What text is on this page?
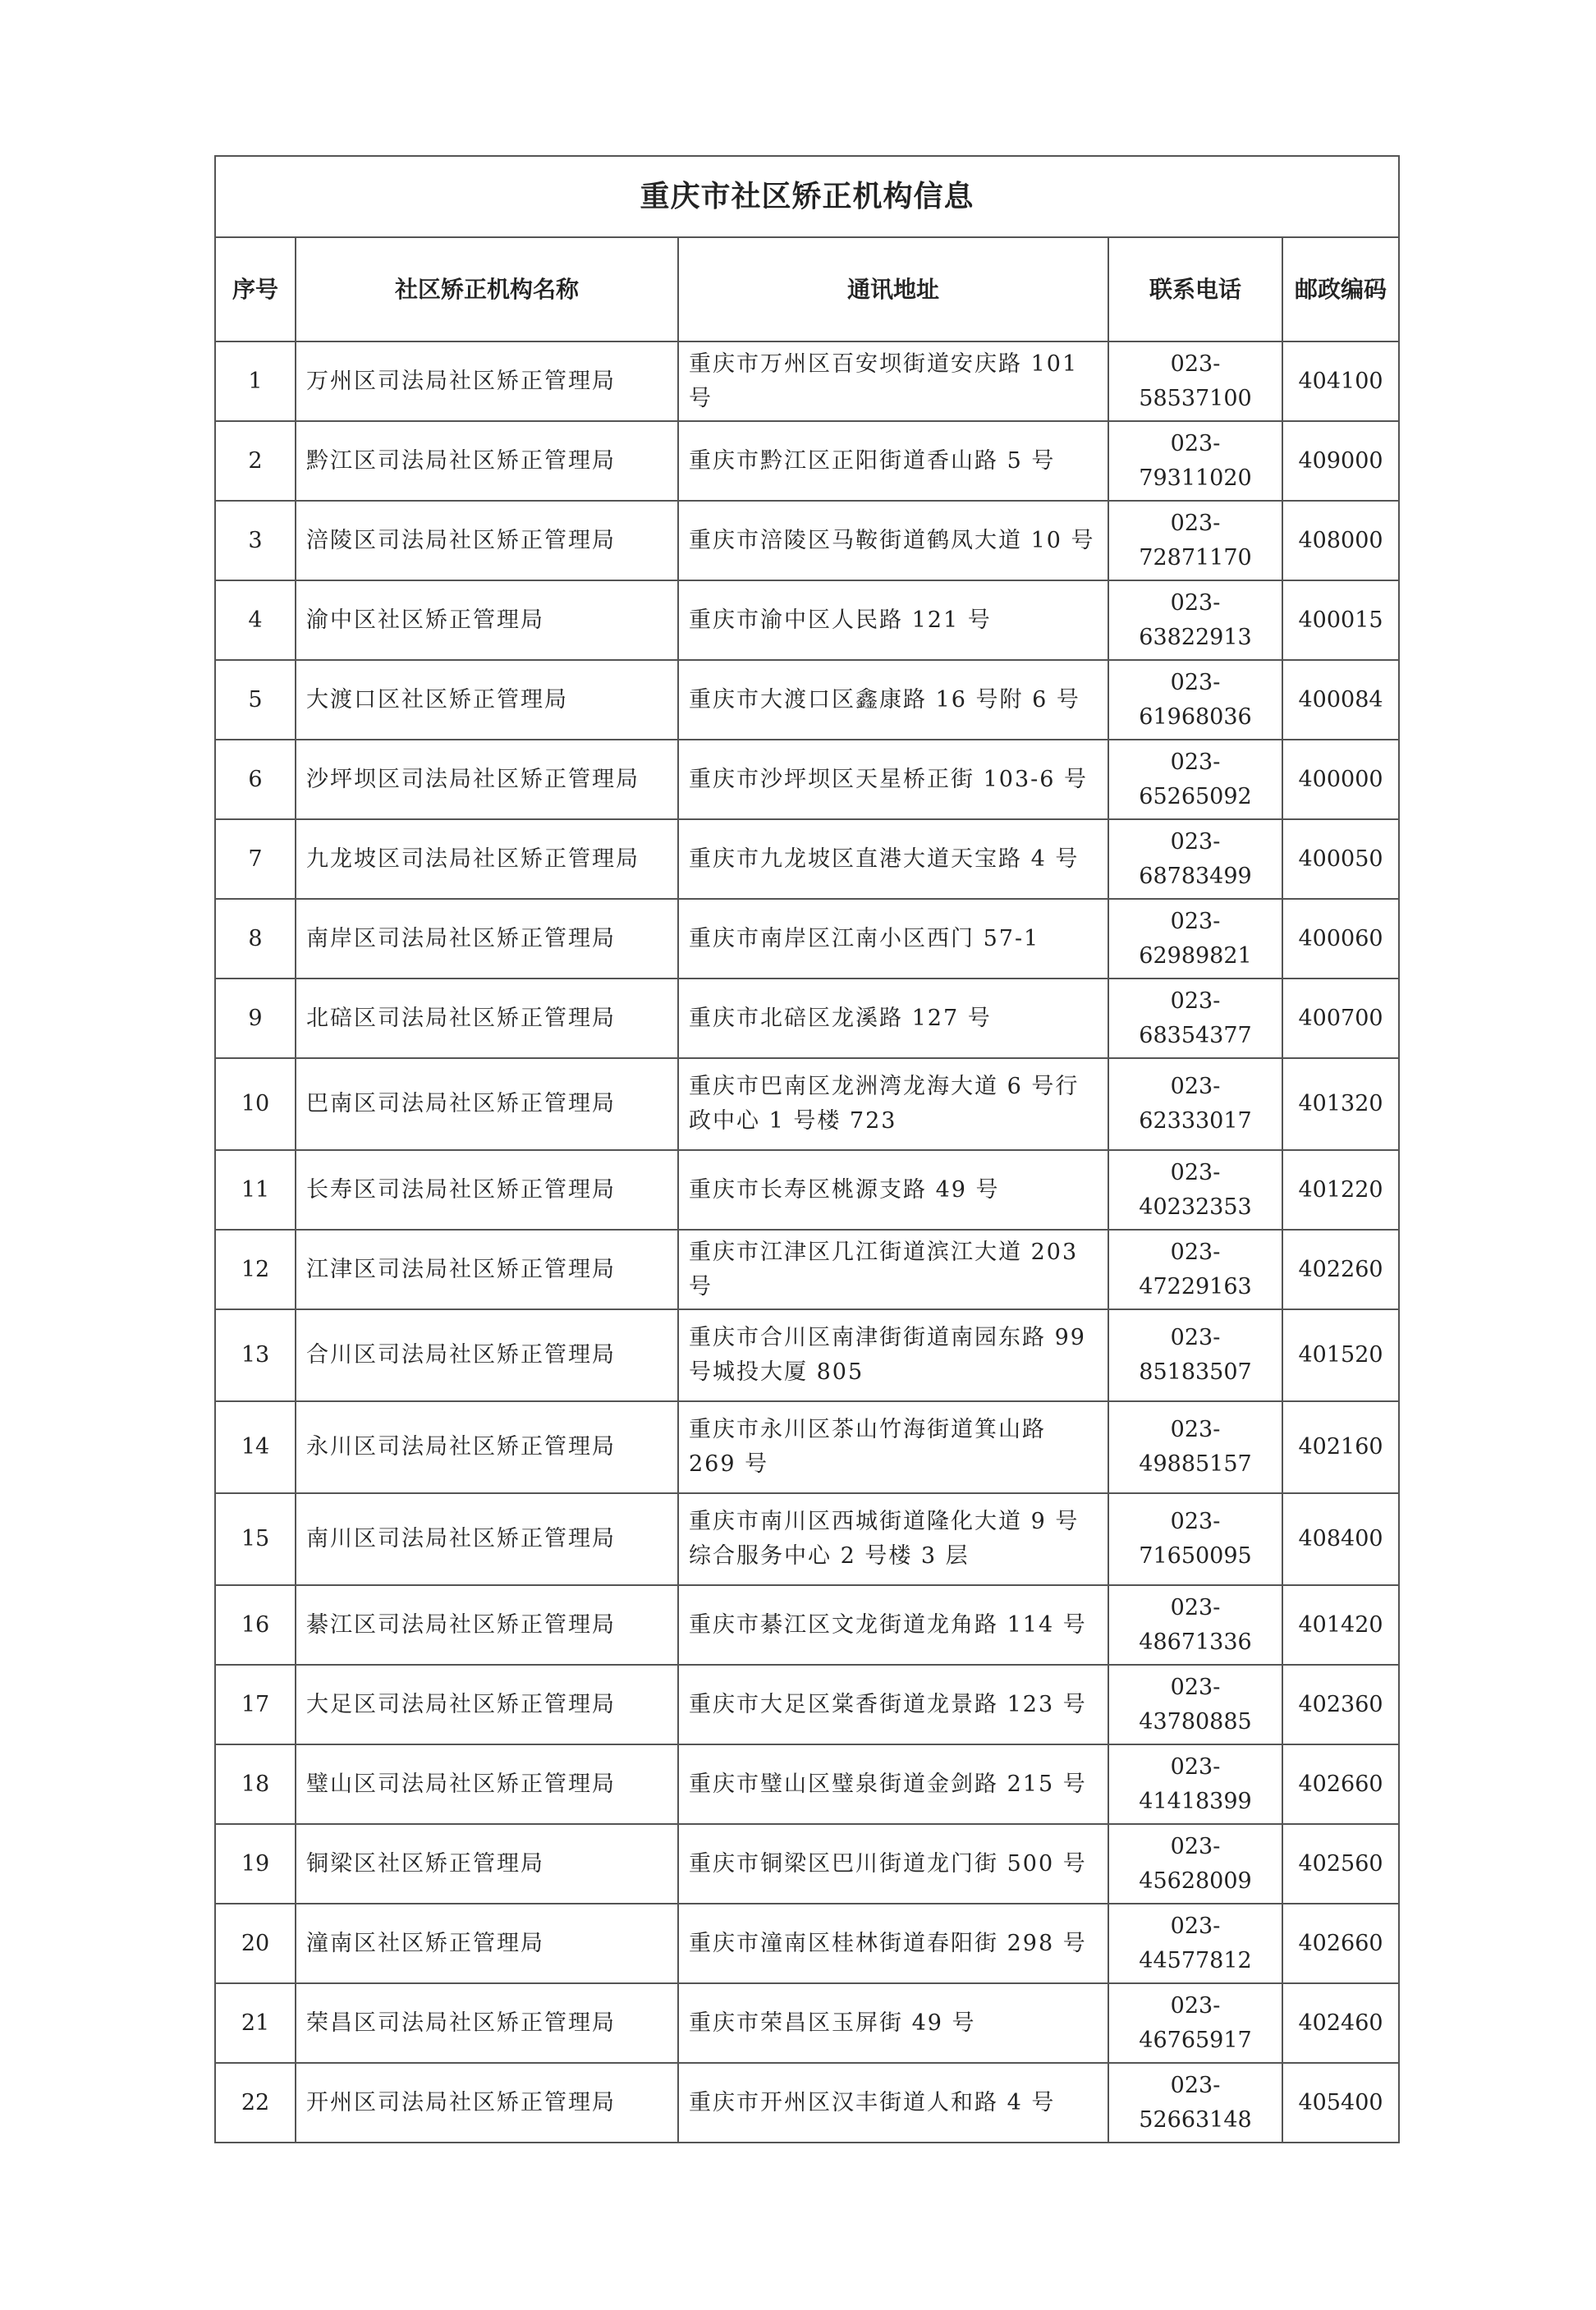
重庆市社区矫正机构信息				
序号	社区矫正机构名称	通讯地址	联系电话	邮政编码
1	万州区司法局社区矫正管理局	重庆市万州区百安坝街道安庆路 101 号	023-58537100	404100
2	黔江区司法局社区矫正管理局	重庆市黔江区正阳街道香山路 5 号	023-79311020	409000
3	涪陵区司法局社区矫正管理局	重庆市涪陵区马鞍街道鹤凤大道 10 号	023-72871170	408000
4	渝中区社区矫正管理局	重庆市渝中区人民路 121 号	023-63822913	400015
5	大渡口区社区矫正管理局	重庆市大渡口区鑫康路 16 号附 6 号	023-61968036	400084
6	沙坪坝区司法局社区矫正管理局	重庆市沙坪坝区天星桥正街 103-6 号	023-65265092	400000
7	九龙坡区司法局社区矫正管理局	重庆市九龙坡区直港大道天宝路 4 号	023-68783499	400050
8	南岸区司法局社区矫正管理局	重庆市南岸区江南小区西门 57-1	023-62989821	400060
9	北碚区司法局社区矫正管理局	重庆市北碚区龙溪路 127 号	023-68354377	400700
10	巴南区司法局社区矫正管理局	重庆市巴南区龙洲湾龙海大道 6 号行政中心 1 号楼 723	023-62333017	401320
11	长寿区司法局社区矫正管理局	重庆市长寿区桃源支路 49 号	023-40232353	401220
12	江津区司法局社区矫正管理局	重庆市江津区几江街道滨江大道 203 号	023-47229163	402260
13	合川区司法局社区矫正管理局	重庆市合川区南津街街道南园东路 99 号城投大厦 805	023-85183507	401520
14	永川区司法局社区矫正管理局	重庆市永川区茶山竹海街道箕山路 269 号	023-49885157	402160
15	南川区司法局社区矫正管理局	重庆市南川区西城街道隆化大道 9 号综合服务中心 2 号楼 3 层	023-71650095	408400
16	綦江区司法局社区矫正管理局	重庆市綦江区文龙街道龙角路 114 号	023-48671336	401420
17	大足区司法局社区矫正管理局	重庆市大足区棠香街道龙景路 123 号	023-43780885	402360
18	璧山区司法局社区矫正管理局	重庆市璧山区璧泉街道金剑路 215 号	023-41418399	402660
19	铜梁区社区矫正管理局	重庆市铜梁区巴川街道龙门街 500 号	023-45628009	402560
20	潼南区社区矫正管理局	重庆市潼南区桂林街道春阳街 298 号	023-44577812	402660
21	荣昌区司法局社区矫正管理局	重庆市荣昌区玉屏街 49 号	023-46765917	402460
22	开州区司法局社区矫正管理局	重庆市开州区汉丰街道人和路 4 号	023-52663148	405400
